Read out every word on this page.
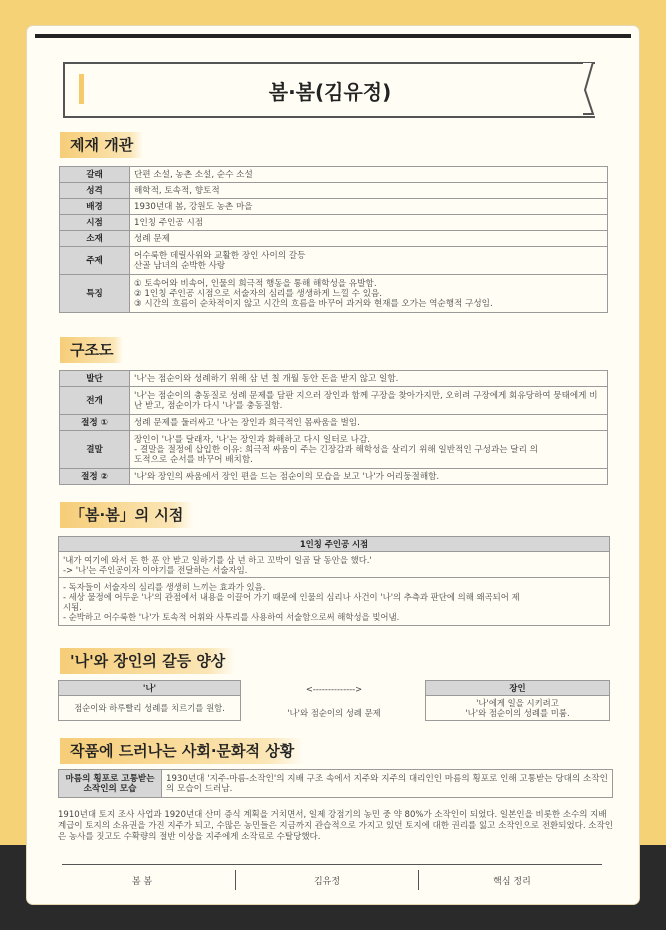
봄·봄(김유정)
제재 개관
갈래	단편 소설, 농촌 소설, 순수 소설
성격	해학적, 토속적, 향토적
배경	1930년대 봄, 강원도 농촌 마을
시점	1인칭 주인공 시점
소재	성례 문제
주제	어수룩한 데릴사위와 교활한 장인 사이의 갈등
산골 남녀의 순박한 사랑
특징	① 토속어와 비속어, 인물의 희극적 행동을 통해 해학성을 유발함.
② 1인칭 주인공 시점으로 서술자의 심리를 생생하게 느낄 수 있음.
③ 시간의 흐름이 순차적이지 않고 시간의 흐름을 바꾸어 과거와 현재를 오가는 역순행적 구성임.
구조도
발단	'나'는 점순이와 성례하기 위해 삼 년 칠 개월 동안 돈을 받지 않고 일함.
전개	'나'는 점순이의 충동질로 성례 문제를 담판 지으러 장인과 함께 구장을 찾아가지만, 오히려 구장에게 회유당하여 뭉태에게 비난 받고, 점순이가 다시 '나'를 충동질함.
절정 ①	성례 문제를 둘러싸고 '나'는 장인과 희극적인 몸싸움을 벌임.
결말	장인이 '나'를 달래자, '나'는 장인과 화해하고 다시 일터로 나감.
- 결말을 절정에 삽입한 이유: 희극적 싸움이 주는 긴장감과 해학성을 살리기 위해 일반적인 구성과는 달리 의
도적으로 순서를 바꾸어 배치함.
절정 ②	'나'와 장인의 싸움에서 장인 편을 드는 점순이의 모습을 보고 '나'가 어리둥절해함.
「봄·봄」의 시점
1인칭 주인공 시점
'내가 여기에 와서 돈 한 푼 안 받고 일하기를 삼 년 하고 꼬박이 일곱 달 동안을 했다.'
-> '나'는 주인공이자 이야기를 전달하는 서술자임.
- 독자들이 서술자의 심리를 생생히 느끼는 효과가 있음.
- 세상 물정에 어두운 '나'의 관점에서 내용을 이끌어 가기 때문에 인물의 심리나 사건이 '나'의 추측과 판단에 의해 왜곡되어 제
시됨.
- 순박하고 어수룩한 '나'가 토속적 어휘와 사투리를 사용하여 서술함으로써 해학성을 빚어냄.
'나'와 장인의 갈등 양상
'나'
점순이와 하루빨리 성례를 치르기를 원함.
<-------------->
'나'와 점순이의 성례 문제
장인
'나'에게 일을 시키려고
'나'와 점순이의 성례를 미룸.
작품에 드러나는 사회·문화적 상황
마름의 횡포로 고통받는 소작인의 모습	1930년대 '지주-마름-소작인'의 지배 구조 속에서 지주와 지주의 대리인인 마름의 횡포로 인해 고통받는 당대의 소작인의 모습이 드러남.
1910년대 토지 조사 사업과 1920년대 산미 증식 계획을 거치면서, 일제 강점기의 농민 중 약 80%가 소작인이 되었다. 일본인을 비롯한 소수의 지배 계급이 토지의 소유권을 가진 지주가 되고, 수많은 농민들은 지금까지 관습적으로 가지고 있던 토지에 대한 권리를 잃고 소작인으로 전환되었다. 소작인은 농사를 짓고도 수확량의 절반 이상을 지주에게 소작료로 수탈당했다.
봄 봄	김유정	핵심 정리
